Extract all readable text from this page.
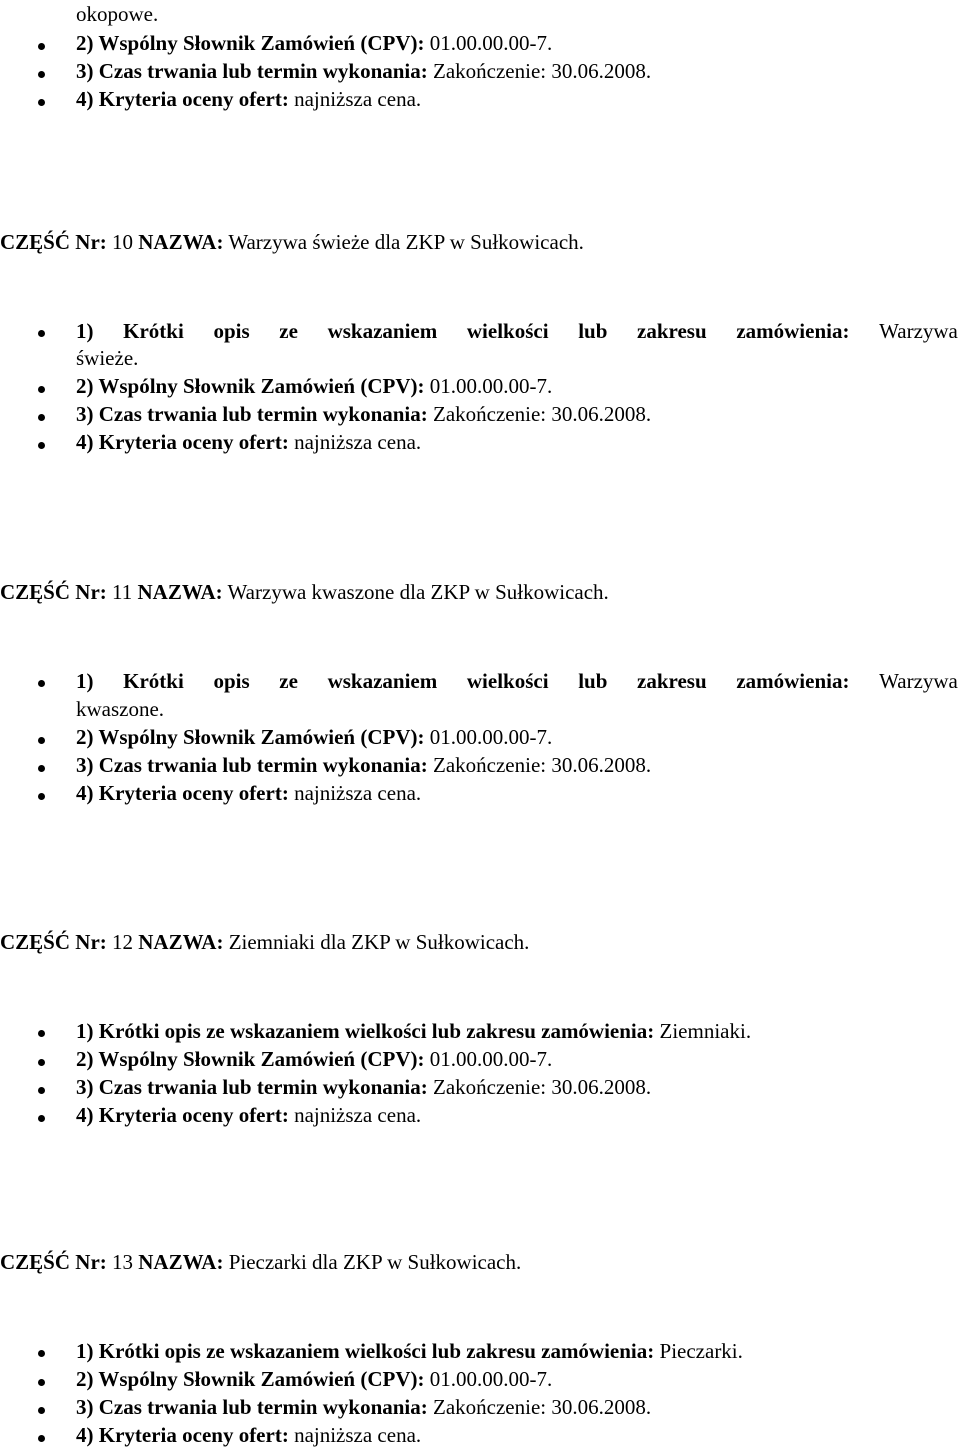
okopowe.
2) Wspólny Słownik Zamówień (CPV): 01.00.00.00-7.
3) Czas trwania lub termin wykonania: Zakończenie: 30.06.2008.
4) Kryteria oceny ofert: najniższa cena.
CZĘŚĆ Nr: 10 NAZWA: Warzywa świeże dla ZKP w Sułkowicach.
1) Krótki opis ze wskazaniem wielkości lub zakresu zamówienia: Warzywa
świeże.
2) Wspólny Słownik Zamówień (CPV): 01.00.00.00-7.
3) Czas trwania lub termin wykonania: Zakończenie: 30.06.2008.
4) Kryteria oceny ofert: najniższa cena.
CZĘŚĆ Nr: 11 NAZWA: Warzywa kwaszone dla ZKP w Sułkowicach.
1) Krótki opis ze wskazaniem wielkości lub zakresu zamówienia: Warzywa
kwaszone.
2) Wspólny Słownik Zamówień (CPV): 01.00.00.00-7.
3) Czas trwania lub termin wykonania: Zakończenie: 30.06.2008.
4) Kryteria oceny ofert: najniższa cena.
CZĘŚĆ Nr: 12 NAZWA: Ziemniaki dla ZKP w Sułkowicach.
1) Krótki opis ze wskazaniem wielkości lub zakresu zamówienia: Ziemniaki.
2) Wspólny Słownik Zamówień (CPV): 01.00.00.00-7.
3) Czas trwania lub termin wykonania: Zakończenie: 30.06.2008.
4) Kryteria oceny ofert: najniższa cena.
CZĘŚĆ Nr: 13 NAZWA: Pieczarki dla ZKP w Sułkowicach.
1) Krótki opis ze wskazaniem wielkości lub zakresu zamówienia: Pieczarki.
2) Wspólny Słownik Zamówień (CPV): 01.00.00.00-7.
3) Czas trwania lub termin wykonania: Zakończenie: 30.06.2008.
4) Kryteria oceny ofert: najniższa cena.
